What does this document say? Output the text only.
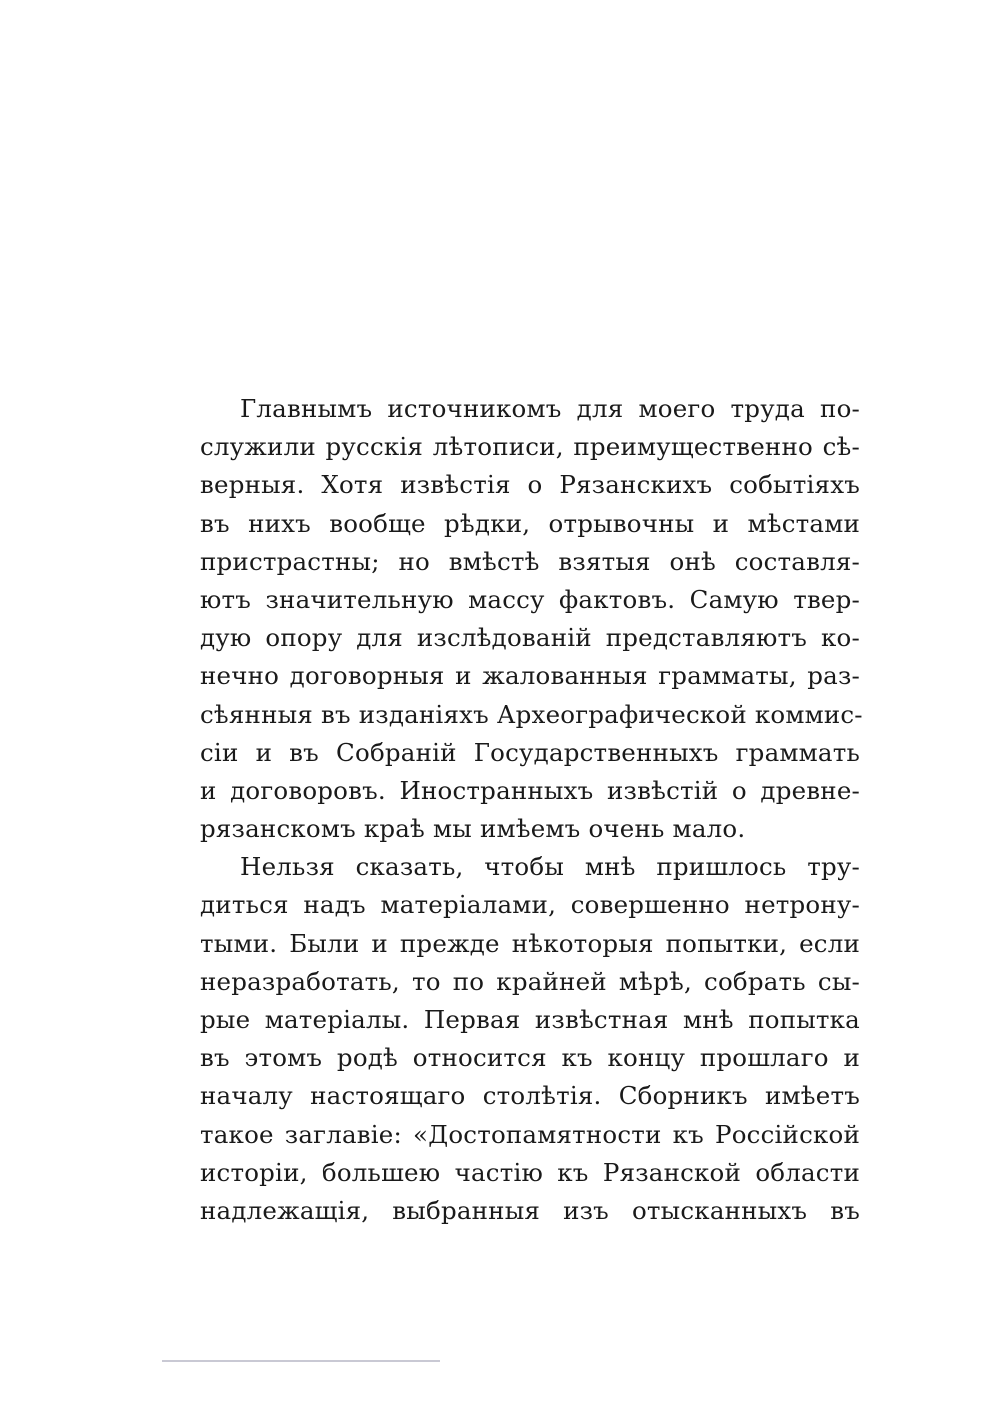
Главнымъ источникомъ для моего труда по-
служили русскія лѣтописи, преимущественно сѣ-
верныя. Хотя извѣстія о Рязанскихъ событіяхъ
въ нихъ вообще рѣдки, отрывочны и мѣстами
пристрастны; но вмѣстѣ взятыя онѣ составля-
ютъ значительную массу фактовъ. Самую твер-
дую опору для изслѣдованій представляютъ ко-
нечно договорныя и жалованныя грамматы, раз-
сѣянныя въ изданіяхъ Археографической коммис-
сіи и въ Собраній Государственныхъ граммать
и договоровъ. Иностранныхъ извѣстій о древне-
рязанскомъ краѣ мы имѣемъ очень мало.
Нельзя сказать, чтобы мнѣ пришлось тру-
диться надъ матеріалами, совершенно нетрону-
тыми. Были и прежде нѣкоторыя попытки, если
неразработать, то по крайней мѣрѣ, собрать сы-
рые матеріалы. Первая извѣстная мнѣ попытка
въ этомъ родѣ относится къ концу прошлаго и
началу настоящаго столѣтія. Сборникъ имѣетъ
такое заглавіе: «Достопамятности къ Россійской
исторіи, большею частію къ Рязанской области
надлежащія, выбранныя изъ отысканныхъ въ
